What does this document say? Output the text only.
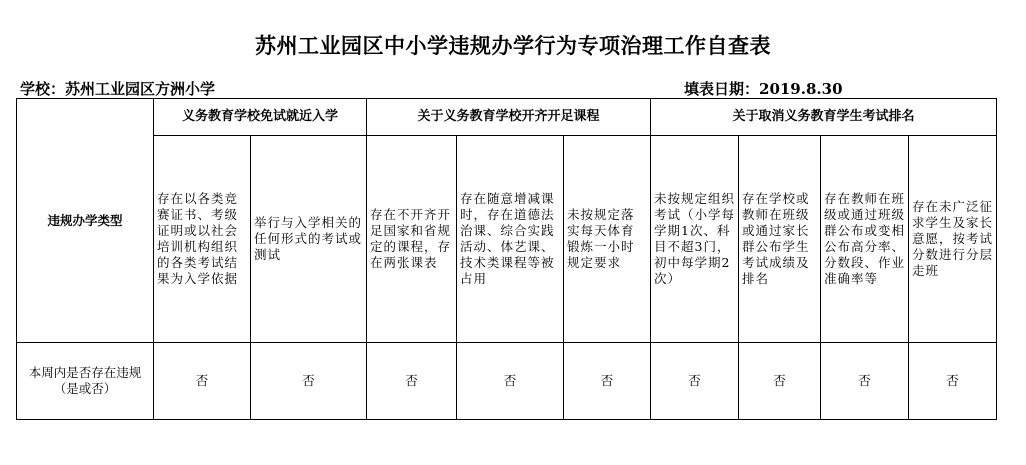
苏州工业园区中小学违规办学行为专项治理工作自查表
学校：苏州工业园区方洲小学	填表日期：2019.8.30
违规办学类型	义务教育学校免试就近入学		关于义务教育学校开齐开足课程			关于取消义务教育学生考试排名			
	存在以各类竞赛证书、考级证明或以社会培训机构组织的各类考试结果为入学依据	举行与入学相关的任何形式的考试或测试	存在不开齐开足国家和省规定的课程，存在两张课表	存在随意增减课时，存在道德法治课、综合实践活动、体艺课、技术类课程等被占用	未按规定落实每天体育锻炼一小时规定要求	未按规定组织考试（小学每学期1次、科目不超3门，初中每学期2次）	存在学校或教师在班级或通过家长群公布学生考试成绩及排名	存在教师在班级或通过班级群公布或变相公布高分率、分数段、作业准确率等	存在未广泛征求学生及家长意愿，按考试分数进行分层走班
本周内是否存在违规（是或否）	否	否	否	否	否	否	否	否	否
